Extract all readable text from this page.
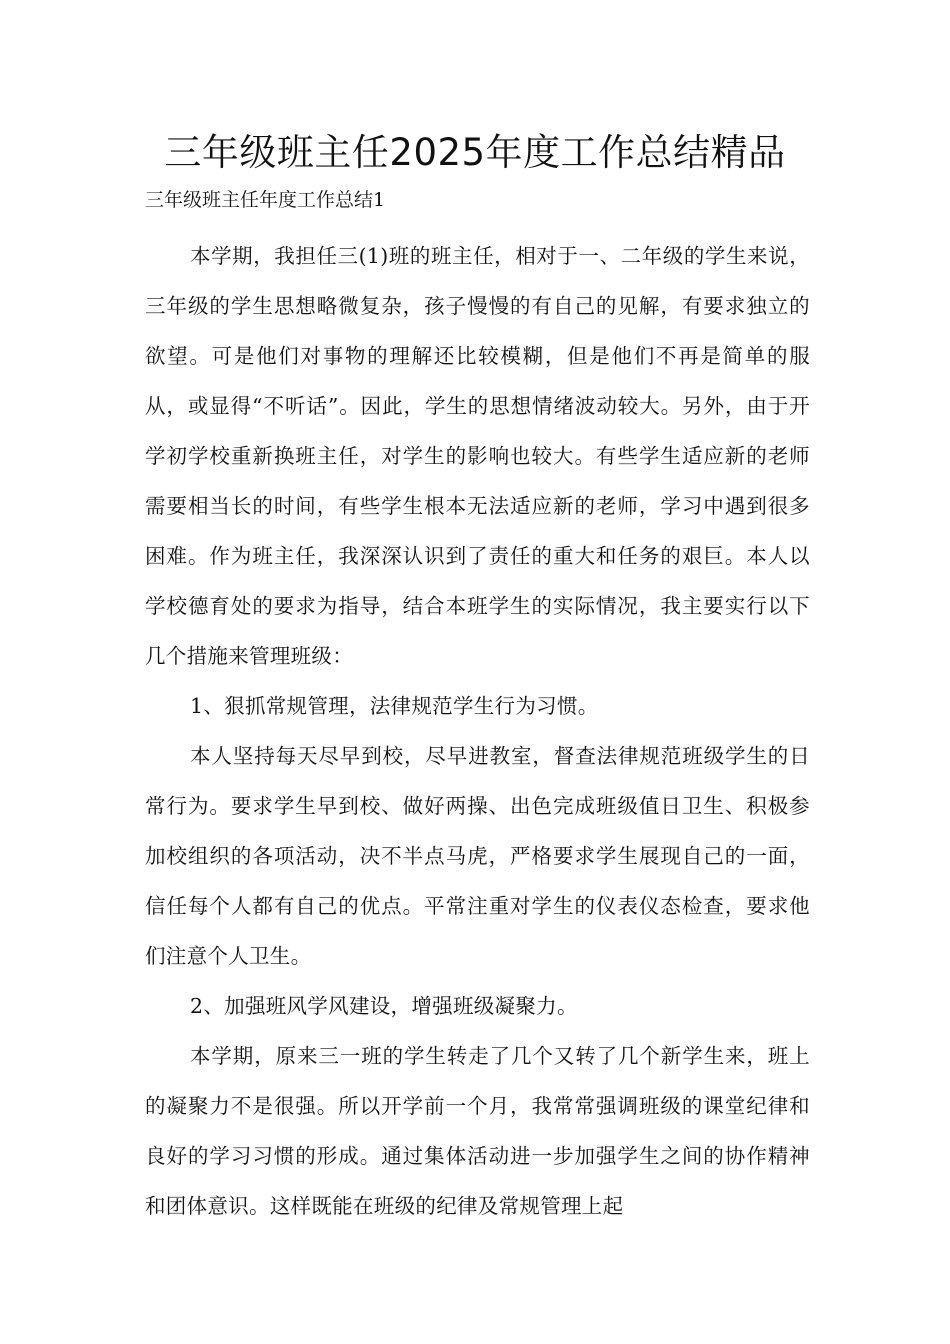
三年级班主任2025年度工作总结精品

三年级班主任年度工作总结1

本学期，我担任三(1)班的班主任，相对于一、二年级的学生来说，三年级的学生思想略微复杂，孩子慢慢的有自己的见解，有要求独立的欲望。可是他们对事物的理解还比较模糊，但是他们不再是简单的服从，或显得“不听话”。因此，学生的思想情绪波动较大。另外，由于开学初学校重新换班主任，对学生的影响也较大。有些学生适应新的老师需要相当长的时间，有些学生根本无法适应新的老师，学习中遇到很多困难。作为班主任，我深深认识到了责任的重大和任务的艰巨。本人以学校德育处的要求为指导，结合本班学生的实际情况，我主要实行以下几个措施来管理班级：

1、狠抓常规管理，法律规范学生行为习惯。

本人坚持每天尽早到校，尽早进教室，督查法律规范班级学生的日常行为。要求学生早到校、做好两操、出色完成班级值日卫生、积极参加校组织的各项活动，决不半点马虎，严格要求学生展现自己的一面，信任每个人都有自己的优点。平常注重对学生的仪表仪态检查，要求他们注意个人卫生。

2、加强班风学风建设，增强班级凝聚力。

本学期，原来三一班的学生转走了几个又转了几个新学生来，班上的凝聚力不是很强。所以开学前一个月，我常常强调班级的课堂纪律和良好的学习习惯的形成。通过集体活动进一步加强学生之间的协作精神和团体意识。这样既能在班级的纪律及常规管理上起
